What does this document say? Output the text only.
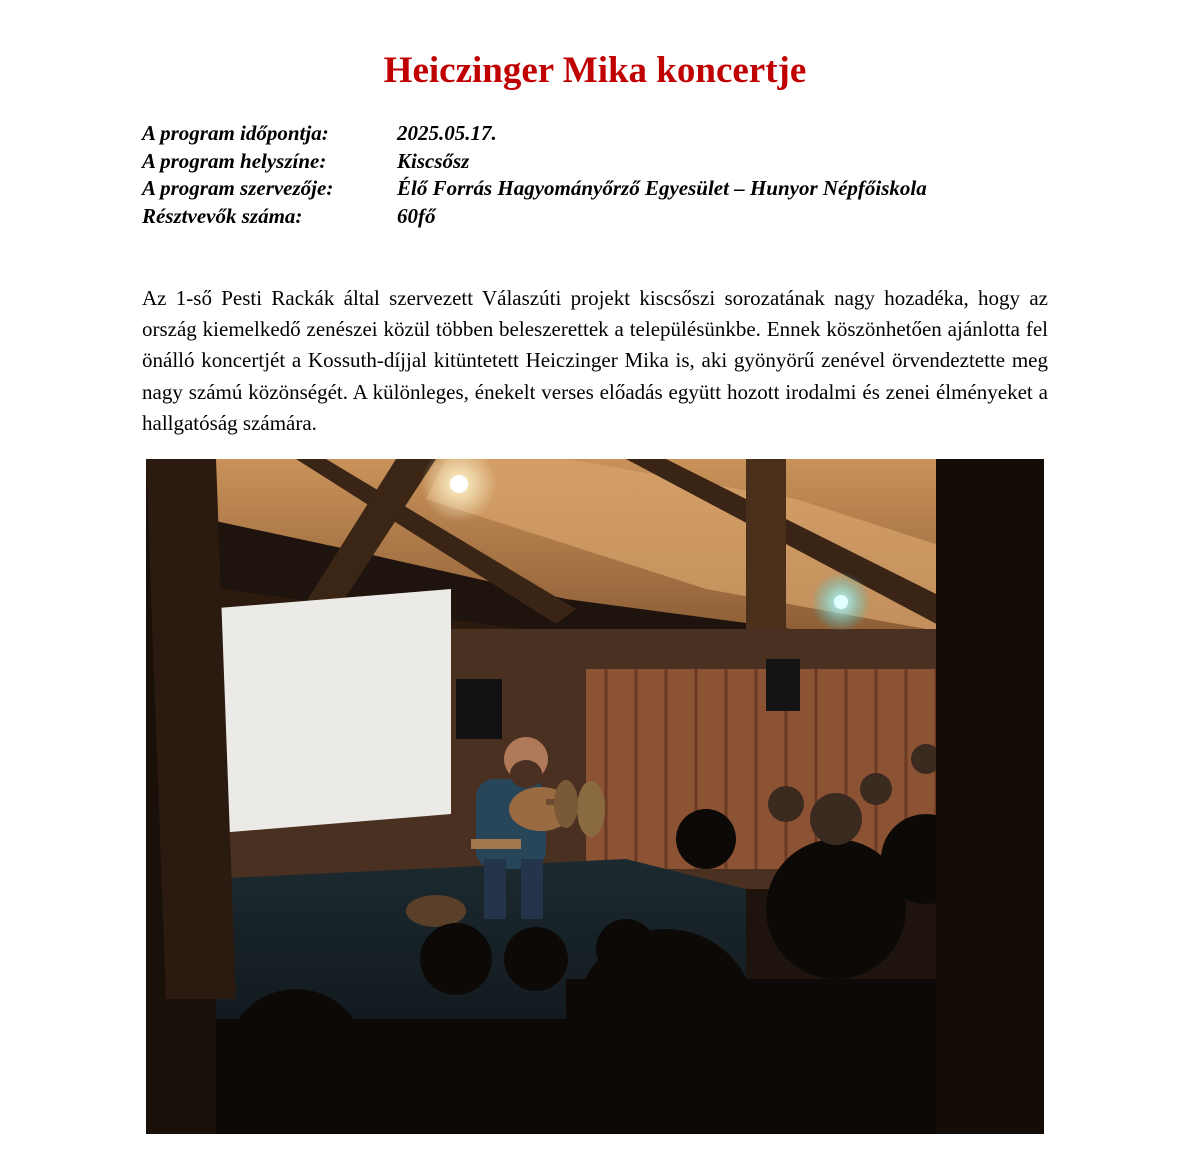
Heiczinger Mika koncertje
A program időpontja:	2025.05.17.
A program helyszíne:	Kiscsősz
A program szervezője:	Élő Forrás Hagyományőrző Egyesület – Hunyor Népfőiskola
Résztvevők száma:	60fő

Az 1-ső Pesti Rackák által szervezett Válaszúti projekt kiscsőszi sorozatának nagy hozadéka, hogy az ország kiemelkedő zenészei közül többen beleszerettek a településünkbe. Ennek köszönhetően ajánlotta fel önálló koncertjét a Kossuth-díjjal kitüntetett Heiczinger Mika is, aki gyönyörű zenével örvendeztette meg nagy számú közönségét. A különleges, énekelt verses előadás együtt hozott irodalmi és zenei élményeket a hallgatóság számára.
